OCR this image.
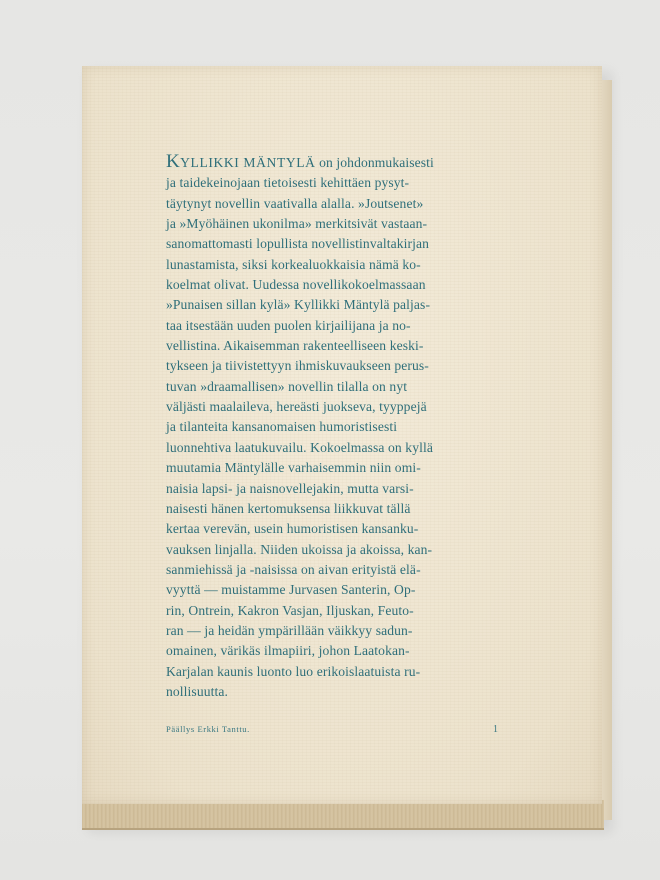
KYLLIKKI MÄNTYLÄ on johdonmukaisesti
ja taidekeinojaan tietoisesti kehittäen pysyt-
täytynyt novellin vaativalla alalla. »Joutsenet»
ja »Myöhäinen ukonilma» merkitsivät vastaan-
sanomattomasti lopullista novellistinvaltakirjan
lunastamista, siksi korkealuokkaisia nämä ko-
koelmat olivat. Uudessa novellikokoelmassaan
»Punaisen sillan kylä» Kyllikki Mäntylä paljas-
taa itsestään uuden puolen kirjailijana ja no-
vellistina. Aikaisemman rakenteelliseen keski-
tykseen ja tiivistettyyn ihmiskuvaukseen perus-
tuvan »draamallisen» novellin tilalla on nyt
väljästi maalaileva, hereästi juokseva, tyyppejä
ja tilanteita kansanomaisen humoristisesti
luonnehtiva laatukuvailu. Kokoelmassa on kyllä
muutamia Mäntylälle varhaisemmin niin omi-
naisia lapsi- ja naisnovellejakin, mutta varsi-
naisesti hänen kertomuksensa liikkuvat tällä
kertaa verevän, usein humoristisen kansanku-
vauksen linjalla. Niiden ukoissa ja akoissa, kan-
sanmiehissä ja -naisissa on aivan erityistä elä-
vyyttä — muistamme Jurvasen Santerin, Op-
rin, Ontrein, Kakron Vasjan, Iljuskan, Feuto-
ran — ja heidän ympärillään väikkyy sadun-
omainen, värikäs ilmapiiri, johon Laatokan-
Karjalan kaunis luonto luo erikoislaatuista ru-
nollisuutta.
Päällys Erkki Tanttu.	1
